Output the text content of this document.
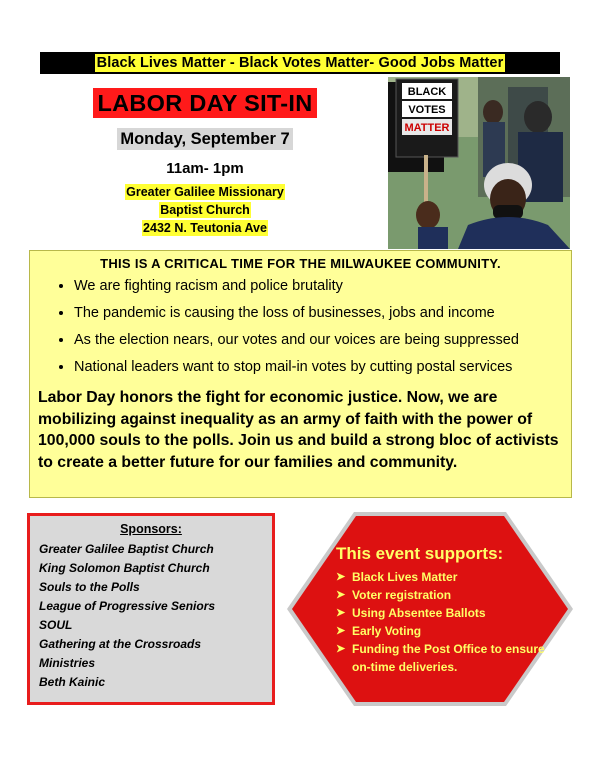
Black Lives Matter - Black Votes Matter- Good Jobs Matter
LABOR DAY SIT-IN
Monday, September 7
11am- 1pm
Greater Galilee Missionary
Baptist Church
2432 N. Teutonia Ave
BLACK
VOTES
MATTER
THIS IS A CRITICAL TIME FOR THE MILWAUKEE COMMUNITY.
• We are fighting racism and police brutality
• The pandemic is causing the loss of businesses, jobs and income
• As the election nears, our votes and our voices are being suppressed
• National leaders want to stop mail-in votes by cutting postal services
Labor Day honors the fight for economic justice. Now, we are mobilizing against inequality as an army of faith with the power of 100,000 souls to the polls. Join us and build a strong bloc of activists to create a better future for our families and community.
Sponsors:
Greater Galilee Baptist Church
King Solomon Baptist Church
Souls to the Polls
League of Progressive Seniors
SOUL
Gathering at the Crossroads
Ministries
Beth Kainic
This event supports:
➤ Black Lives Matter
➤ Voter registration
➤ Using Absentee Ballots
➤ Early Voting
➤ Funding the Post Office to ensure on-time deliveries.
